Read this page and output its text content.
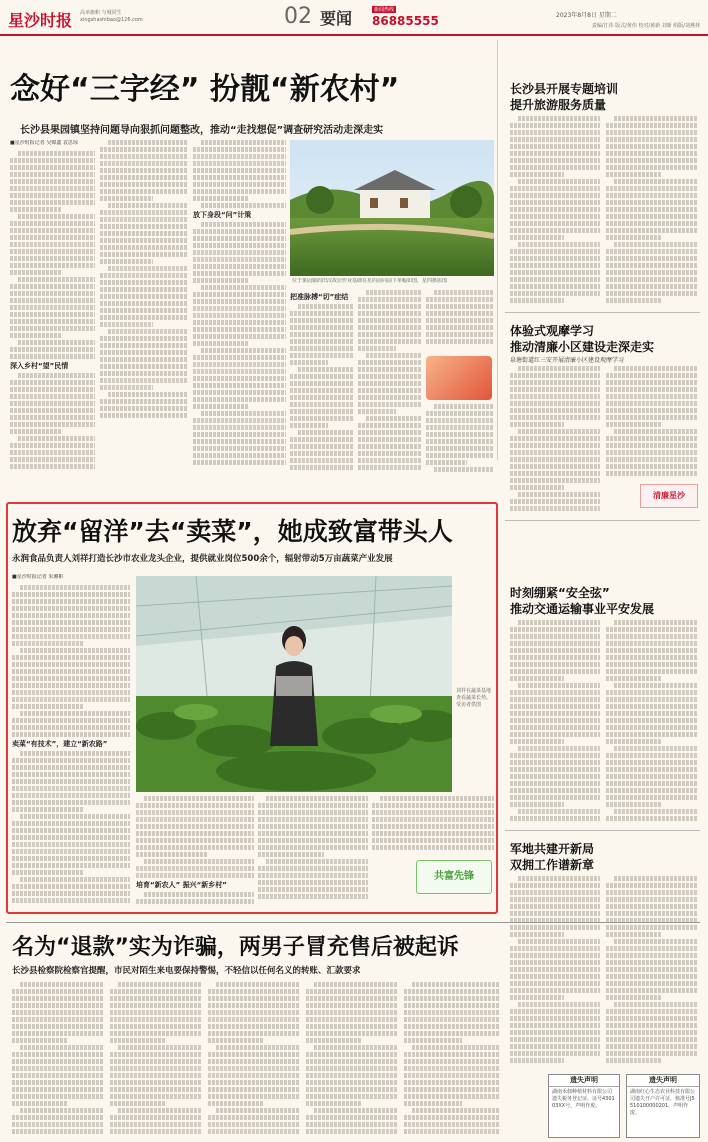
星沙时报 高举旗帜 与城同生
xingshashibao@126.com	02 要闻	新闻热线
86885555	2023年8月8日 星期二
责编/江伟 版式/黄伟 校对/黄新 刘新 组版/刘燕林
念好“三字经” 扮靓“新农村”
长沙县果园镇坚持问题导向狠抓问题整改，推动“走找想促”调查研究活动走深走实
■星沙时报记者 吴锦鑫 袁思琼
深入乡村“望”民情
放下身段“问”计策
位于果园镇的田汉故居作业基础在星的前同前下单幅如图，星四摄影图
把准脉搏“切”症结
长沙县开展专题培训
提升旅游服务质量
体验式观摩学习
推动清廉小区建设走深走实
泉塘街道红三安开展清廉小区建设观摩学习
清廉星沙
时刻绷紧“安全弦”
推动交通运输事业平安发展
军地共建开新局
双拥工作谱新章
放弃“留洋”去“卖菜”，她成致富带头人
永润食品负责人刘祥打造长沙市农业龙头企业，提供就业岗位500余个，辐射带动5万亩蔬菜产业发展
■星沙时报记者 朱湘彬
卖菜“有技术”，建立“新农路”
刘祥在蔬菜基地查看蔬菜长势。受访者供图
培育“新农人” 振兴“新乡村”
共富先锋
名为“退款”实为诈骗，两男子冒充售后被起诉
长沙县检察院检察官提醒，市民对陌生来电要保持警惕，不轻信以任何名义的转账、汇款要求
遗失声明
湖南禾佃种植材料有限公司遗失税务登记证，证号430103XX号，声明作废。
遗失声明
湖南红心生态农业科技有限公司遗失开户许可证，核准号J5510100000201，声明作废。
